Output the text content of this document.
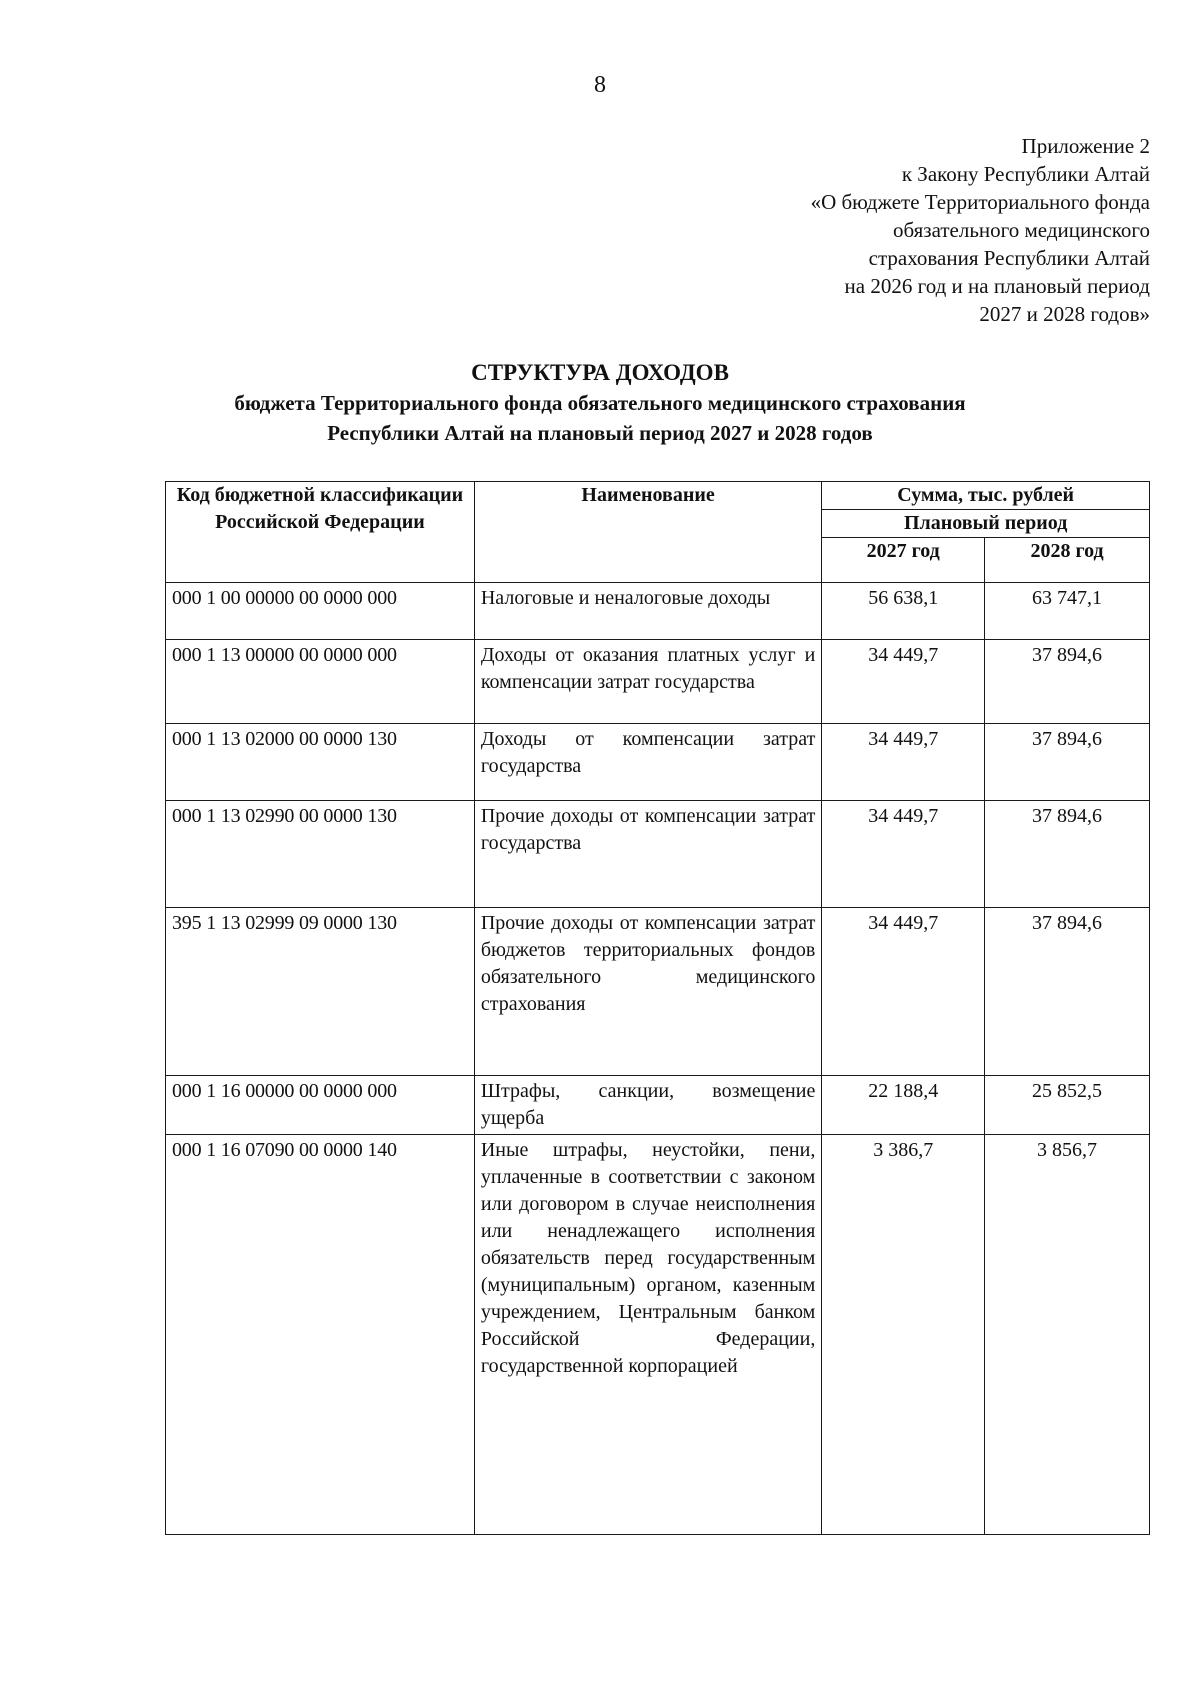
8
Приложение 2
к Закону Республики Алтай
«О бюджете Территориального фонда
обязательного медицинского
страхования Республики Алтай
на 2026 год и на плановый период
2027 и 2028 годов»
СТРУКТУРА ДОХОДОВ
бюджета Территориального фонда обязательного медицинского страхования
Республики Алтай на плановый период 2027 и 2028 годов
Код бюджетной классификации Российской Федерации	Наименование	Сумма, тыс. рублей	
		Плановый период	
		2027 год	2028 год
000 1 00 00000 00 0000 000	Налоговые и неналоговые доходы	56 638,1	63 747,1
000 1 13 00000 00 0000 000	Доходы от оказания платных услуг и компенсации затрат государства	34 449,7	37 894,6
000 1 13 02000 00 0000 130	Доходы от компенсации затрат государства	34 449,7	37 894,6
000 1 13 02990 00 0000 130	Прочие доходы от компенсации затрат государства	34 449,7	37 894,6
395 1 13 02999 09 0000 130	Прочие доходы от компенсации затрат бюджетов территориальных фондов обязательного медицинского страхования	34 449,7	37 894,6
000 1 16 00000 00 0000 000	Штрафы, санкции, возмещение ущерба	22 188,4	25 852,5
000 1 16 07090 00 0000 140	Иные штрафы, неустойки, пени, уплаченные в соответствии с законом или договором в случае неисполнения или ненадлежащего исполнения обязательств перед государственным (муниципальным) органом, казенным учреждением, Центральным банком Российской Федерации, государственной корпорацией	3 386,7	3 856,7
